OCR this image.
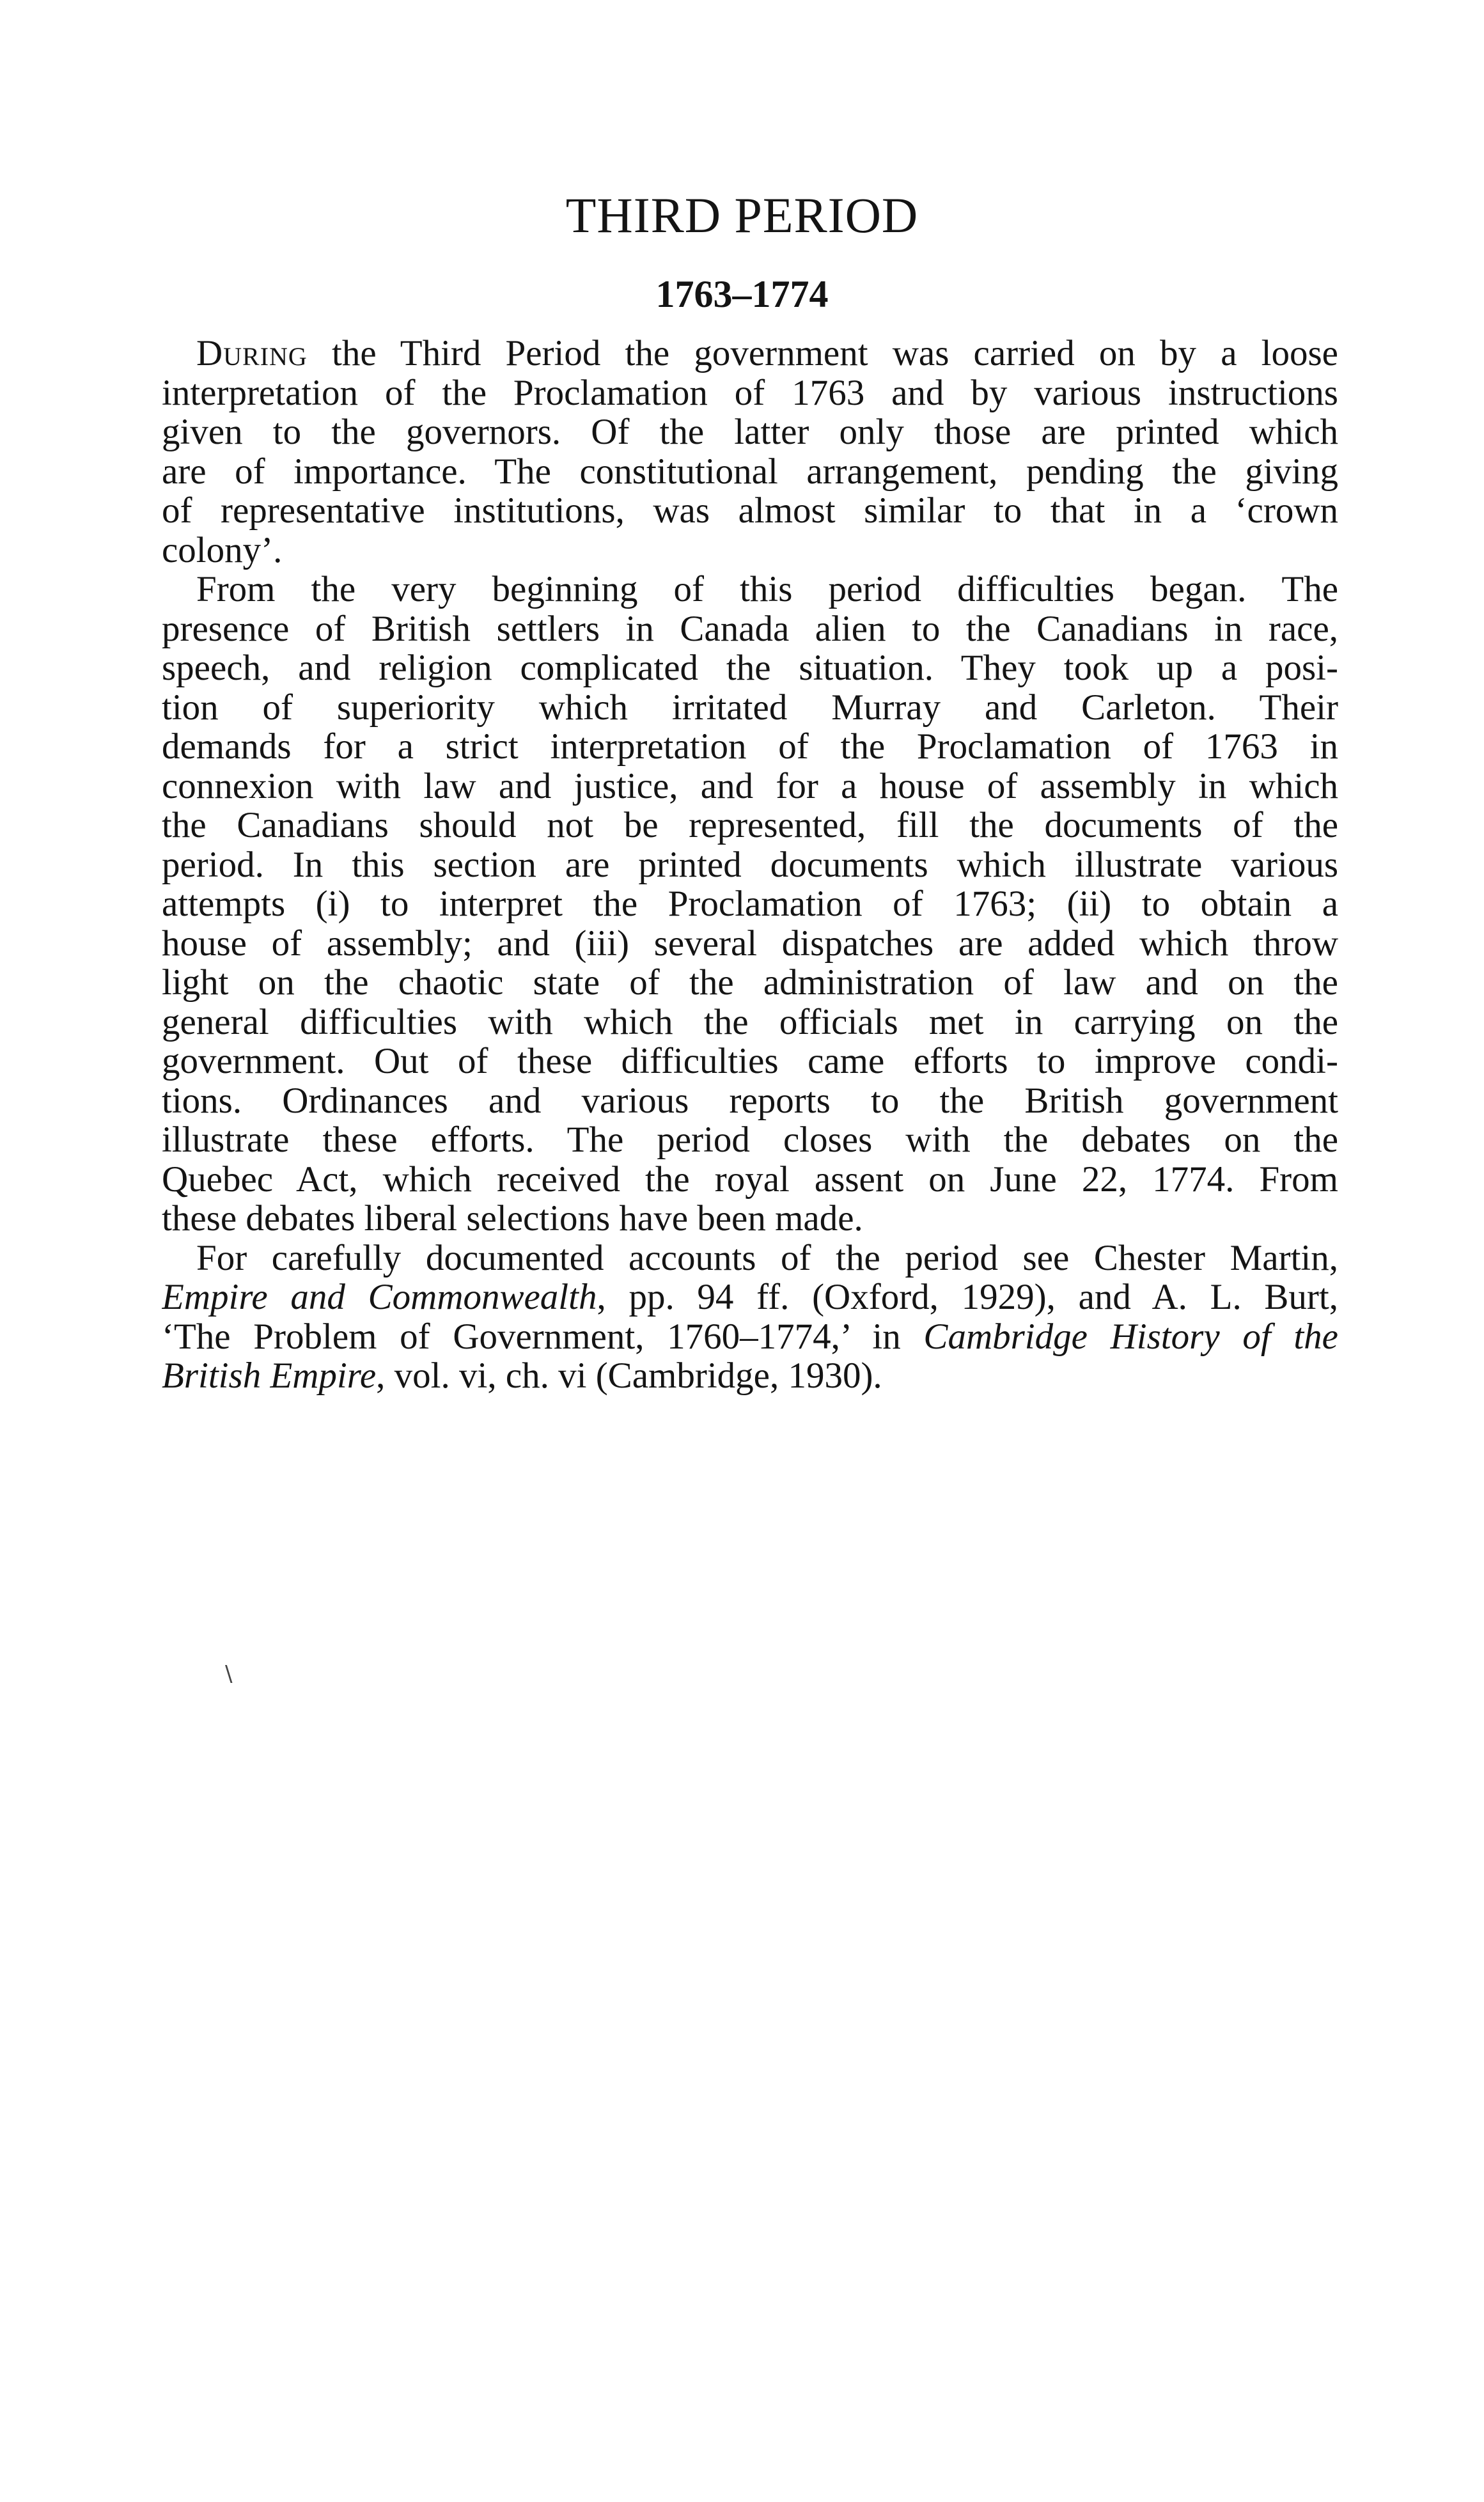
THIRD PERIOD
1763–1774

During the Third Period the government was carried on by a loose
interpretation of the Proclamation of 1763 and by various instructions
given to the governors. Of the latter only those are printed which
are of importance. The constitutional arrangement, pending the giving
of representative institutions, was almost similar to that in a ‘crown
colony’.

From the very beginning of this period difficulties began. The
presence of British settlers in Canada alien to the Canadians in race,
speech, and religion complicated the situation. They took up a posi-
tion of superiority which irritated Murray and Carleton. Their
demands for a strict interpretation of the Proclamation of 1763 in
connexion with law and justice, and for a house of assembly in which
the Canadians should not be represented, fill the documents of the
period. In this section are printed documents which illustrate various
attempts (i) to interpret the Proclamation of 1763; (ii) to obtain a
house of assembly; and (iii) several dispatches are added which throw
light on the chaotic state of the administration of law and on the
general difficulties with which the officials met in carrying on the
government. Out of these difficulties came efforts to improve condi-
tions. Ordinances and various reports to the British government
illustrate these efforts. The period closes with the debates on the
Quebec Act, which received the royal assent on June 22, 1774. From
these debates liberal selections have been made.

For carefully documented accounts of the period see Chester Martin,
Empire and Commonwealth, pp. 94 ff. (Oxford, 1929), and A. L. Burt,
‘The Problem of Government, 1760–1774,’ in Cambridge History of the
British Empire, vol. vi, ch. vi (Cambridge, 1930).

\
